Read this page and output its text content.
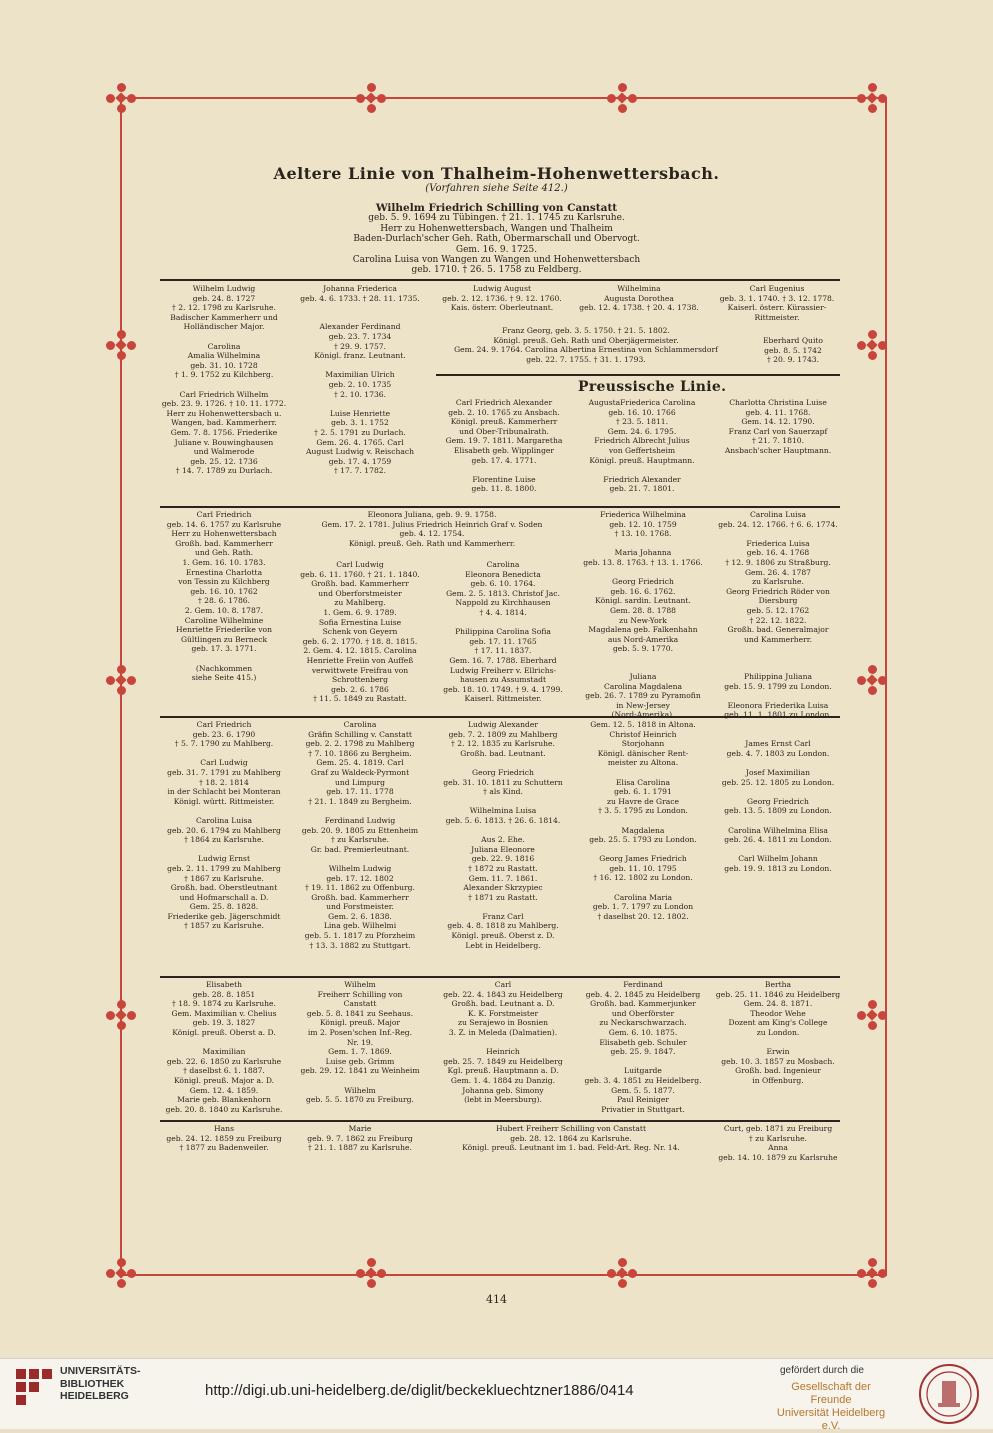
Aeltere Linie von Thalheim-Hohenwettersbach.
(Vorfahren siehe Seite 412.)
Wilhelm Friedrich Schilling von Canstatt
geb. 5. 9. 1694 zu Tübingen. † 21. 1. 1745 zu Karlsruhe.
Herr zu Hohenwettersbach, Wangen und Thalheim
Baden-Durlach'scher Geh. Rath, Obermarschall und Obervogt.
Gem. 16. 9. 1725.
Carolina Luisa von Wangen zu Wangen und Hohenwettersbach
geb. 1710. † 26. 5. 1758 zu Feldberg.
Wilhelm Ludwig
geb. 24. 8. 1727
† 2. 12. 1798 zu Karlsruhe.
Badischer Kammerherr und
Holländischer Major.

Carolina
Amalia Wilhelmina
geb. 31. 10. 1728
† 1. 9. 1752 zu Kilchberg.

Carl Friedrich Wilhelm
geb. 23. 9. 1726. † 10. 11. 1772.
Herr zu Hohenwettersbach u.
Wangen, bad. Kammerherr.
Gem. 7. 8. 1756. Friederike
Juliane v. Bouwinghausen
und Walmerode
geb. 25. 12. 1736
† 14. 7. 1789 zu Durlach.
Johanna Friederica
geb. 4. 6. 1733. † 28. 11. 1735.

Alexander Ferdinand
geb. 23. 7. 1734
† 29. 9. 1757.
Königl. franz. Leutnant.

Maximilian Ulrich
geb. 2. 10. 1735
† 2. 10. 1736.

Luise Henriette
geb. 3. 1. 1752
† 2. 5. 1791 zu Durlach.
Gem. 26. 4. 1765. Carl
August Ludwig v. Reischach
geb. 17. 4. 1759
† 17. 7. 1782.
Ludwig August
geb. 2. 12. 1736. † 9. 12. 1760.
Kais. österr. Oberleutnant.
Wilhelmina
Augusta Dorothea
geb. 12. 4. 1738. † 20. 4. 1738.
Carl Eugenius
geb. 3. 1. 1740. † 3. 12. 1778.
Kaiserl. österr. Kürassier-
Rittmeister.
Franz Georg, geb. 3. 5. 1750. † 21. 5. 1802.
Königl. preuß. Geh. Rath und Oberjägermeister.
Gem. 24. 9. 1764. Carolina Albertina Ernestina von Schlammersdorf
geb. 22. 7. 1755. † 31. 1. 1793.
Eberhard Quito
geb. 8. 5. 1742
† 20. 9. 1743.
Preussische Linie.
Carl Friedrich Alexander
geb. 2. 10. 1765 zu Ansbach.
Königl. preuß. Kammerherr
und Ober-Tribunalrath.
Gem. 19. 7. 1811. Margaretha
Elisabeth geb. Wipplinger
geb. 17. 4. 1771.

Florentine Luise
geb. 11. 8. 1800.
AugustaFriederica Carolina
geb. 16. 10. 1766
† 23. 5. 1811.
Gem. 24. 6. 1795.
Friedrich Albrecht Julius
von Geffertsheim
Königl. preuß. Hauptmann.

Friedrich Alexander
geb. 21. 7. 1801.
Charlotta Christina Luise
geb. 4. 11. 1768.
Gem. 14. 12. 1790.
Franz Carl von Sauerzapf
† 21. 7. 1810.
Ansbach'scher Hauptmann.
Carl Friedrich
geb. 14. 6. 1757 zu Karlsruhe
Herr zu Hohenwettersbach
Großh. bad. Kammerherr
und Geh. Rath.
1. Gem. 16. 10. 1783.
Ernestina Charlotta
von Tessin zu Kilchberg
geb. 16. 10. 1762
† 28. 6. 1786.
2. Gem. 10. 8. 1787.
Caroline Wilhelmine
Henriette Friederike von
Gültlingen zu Berneck
geb. 17. 3. 1771.

(Nachkommen
siehe Seite 415.)
Eleonora Juliana, geb. 9. 9. 1758.
Gem. 17. 2. 1781. Julius Friedrich Heinrich Graf v. Soden
geb. 4. 12. 1754.
Königl. preuß. Geh. Rath und Kammerherr.
Carl Ludwig
geb. 6. 11. 1760. † 21. 1. 1840.
Großh. bad. Kammerherr
und Oberforstmeister
zu Mahlberg.
1. Gem. 6. 9. 1789.
Sofia Ernestina Luise
Schenk von Geyern
geb. 6. 2. 1770. † 18. 8. 1815.
2. Gem. 4. 12. 1815. Carolina
Henriette Freiin von Auffeß
verwittwete Freifrau von
Schrottenberg
geb. 2. 6. 1786
† 11. 5. 1849 zu Rastatt.
Carolina
Eleonora Benedicta
geb. 6. 10. 1764.
Gem. 2. 5. 1813. Christof Jac.
Nappold zu Kirchhausen
† 4. 4. 1814.

Philippina Carolina Sofia
geb. 17. 11. 1765
† 17. 11. 1837.
Gem. 16. 7. 1788. Eberhard
Ludwig Freiherr v. Ellrichs-
hausen zu Assumstadt
geb. 18. 10. 1749. † 9. 4. 1799.
Kaiserl. Rittmeister.
Friederica Wilhelmina
geb. 12. 10. 1759
† 13. 10. 1768.

Maria Johanna
geb. 13. 8. 1763. † 13. 1. 1766.

Georg Friedrich
geb. 16. 6. 1762.
Königl. sardin. Leutnant.
Gem. 28. 8. 1788
zu New-York
Magdalena geb. Falkenhahn
aus Nord-Amerika
geb. 5. 9. 1770.
Carolina Luisa
geb. 24. 12. 1766. † 6. 6. 1774.

Friederica Luisa
geb. 16. 4. 1768
† 12. 9. 1806 zu Straßburg.
Gem. 26. 4. 1787
zu Karlsruhe.
Georg Friedrich Röder von
Diersburg
geb. 5. 12. 1762
† 22. 12. 1822.
Großh. bad. Generalmajor
und Kammerherr.
Carl Friedrich
geb. 23. 6. 1790
† 5. 7. 1790 zu Mahlberg.

Carl Ludwig
geb. 31. 7. 1791 zu Mahlberg
† 18. 2. 1814
in der Schlacht bei Monteran
Königl. württ. Rittmeister.

Carolina Luisa
geb. 20. 6. 1794 zu Mahlberg
† 1864 zu Karlsruhe.

Ludwig Ernst
geb. 2. 11. 1799 zu Mahlberg
† 1867 zu Karlsruhe.
Großh. bad. Oberstleutnant
und Hofmarschall a. D.
Gem. 25. 8. 1828.
Friederike geb. Jägerschmidt
† 1857 zu Karlsruhe.
Carolina
Gräfin Schilling v. Canstatt
geb. 2. 2. 1798 zu Mahlberg
† 7. 10. 1866 zu Bergheim.
Gem. 25. 4. 1819. Carl
Graf zu Waldeck-Pyrmont
und Limpurg
geb. 17. 11. 1778
† 21. 1. 1849 zu Bergheim.

Ferdinand Ludwig
geb. 20. 9. 1805 zu Ettenheim
† zu Karlsruhe.
Gr. bad. Premierleutnant.

Wilhelm Ludwig
geb. 17. 12. 1802
† 19. 11. 1862 zu Offenburg.
Großh. bad. Kammerherr
und Forstmeister.
Gem. 2. 6. 1838.
Lina geb. Wilhelmi
geb. 5. 1. 1817 zu Pforzheim
† 13. 3. 1882 zu Stuttgart.
Ludwig Alexander
geb. 7. 2. 1809 zu Mahlberg
† 2. 12. 1835 zu Karlsruhe.
Großh. bad. Leutnant.

Georg Friedrich
geb. 31. 10. 1811 zu Schuttern
† als Kind.

Wilhelmina Luisa
geb. 5. 6. 1813. † 26. 6. 1814.

Aus 2. Ehe.
Juliana Eleonore
geb. 22. 9. 1816
† 1872 zu Rastatt.
Gem. 11. 7. 1861.
Alexander Skrzypiec
† 1871 zu Rastatt.

Franz Carl
geb. 4. 8. 1818 zu Mahlberg.
Königl. preuß. Oberst z. D.
Lebt in Heidelberg.
Juliana
Carolina Magdalena
geb. 26. 7. 1789 zu Pyramofin
in New-Jersey
(Nord-Amerika).
Gem. 12. 5. 1818 in Altona.
Christof Heinrich
Storjohann
Königl. dänischer Rent-
meister zu Altona.

Elisa Carolina
geb. 6. 1. 1791
zu Havre de Grace
† 3. 5. 1795 zu London.

Magdalena
geb. 25. 5. 1793 zu London.

Georg James Friedrich
geb. 11. 10. 1795
† 16. 12. 1802 zu London.

Carolina Maria
geb. 1. 7. 1797 zu London
† daselbst 20. 12. 1802.
Philippina Juliana
geb. 15. 9. 1799 zu London.

Eleonora Friederika Luisa
geb. 11. 1. 1801 zu London.

James Ernst Carl
geb. 4. 7. 1803 zu London.

Josef Maximilian
geb. 25. 12. 1805 zu London.

Georg Friedrich
geb. 13. 5. 1809 zu London.

Carolina Wilhelmina Elisa
geb. 26. 4. 1811 zu London.

Carl Wilhelm Johann
geb. 19. 9. 1813 zu London.
Elisabeth
geb. 28. 8. 1851
† 18. 9. 1874 zu Karlsruhe.
Gem. Maximilian v. Chelius
geb. 19. 3. 1827
Königl. preuß. Oberst a. D.

Maximilian
geb. 22. 6. 1850 zu Karlsruhe
† daselbst 6. 1. 1887.
Königl. preuß. Major a. D.
Gem. 12. 4. 1859.
Marie geb. Blankenhorn
geb. 20. 8. 1840 zu Karlsruhe.
Wilhelm
Freiherr Schilling von
Canstatt
geb. 5. 8. 1841 zu Seehaus.
Königl. preuß. Major
im 2. Posen'schen Inf.-Reg.
Nr. 19.
Gem. 1. 7. 1869.
Luise geb. Grimm
geb. 29. 12. 1841 zu Weinheim

Wilhelm
geb. 5. 5. 1870 zu Freiburg.
Carl
geb. 22. 4. 1843 zu Heidelberg
Großh. bad. Leutnant a. D.
K. K. Forstmeister
zu Serajewo in Bosnien
3. Z. in Meleda (Dalmatien).

Heinrich
geb. 25. 7. 1849 zu Heidelberg
Kgl. preuß. Hauptmann a. D.
Gem. 1. 4. 1884 zu Danzig.
Johanna geb. Simony
(lebt in Meersburg).
Ferdinand
geb. 4. 2. 1845 zu Heidelberg
Großh. bad. Kammerjunker
und Oberförster
zu Neckarschwarzach.
Gem. 6. 10. 1875.
Elisabeth geb. Schuler
geb. 25. 9. 1847.

Luitgarde
geb. 3. 4. 1851 zu Heidelberg.
Gem. 5. 5. 1877.
Paul Reiniger
Privatier in Stuttgart.
Bertha
geb. 25. 11. 1846 zu Heidelberg
Gem. 24. 8. 1871.
Theodor Wehe
Dozent am King's College
zu London.

Erwin
geb. 10. 3. 1857 zu Mosbach.
Großh. bad. Ingenieur
in Offenburg.
Hans
geb. 24. 12. 1859 zu Freiburg
† 1877 zu Badenweiler.
Marie
geb. 9. 7. 1862 zu Freiburg
† 21. 1. 1887 zu Karlsruhe.
Hubert Freiherr Schilling von Canstatt
geb. 28. 12. 1864 zu Karlsruhe.
Königl. preuß. Leutnant im 1. bad. Feld-Art. Reg. Nr. 14.
Curt, geb. 1871 zu Freiburg
† zu Karlsruhe.
Anna
geb. 14. 10. 1879 zu Karlsruhe
414
UNIVERSITÄTS-
BIBLIOTHEK
HEIDELBERG	http://digi.ub.uni-heidelberg.de/diglit/beckekluechtzner1886/0414
gefördert durch die
Gesellschaft der Freunde
Universität Heidelberg e.V.
